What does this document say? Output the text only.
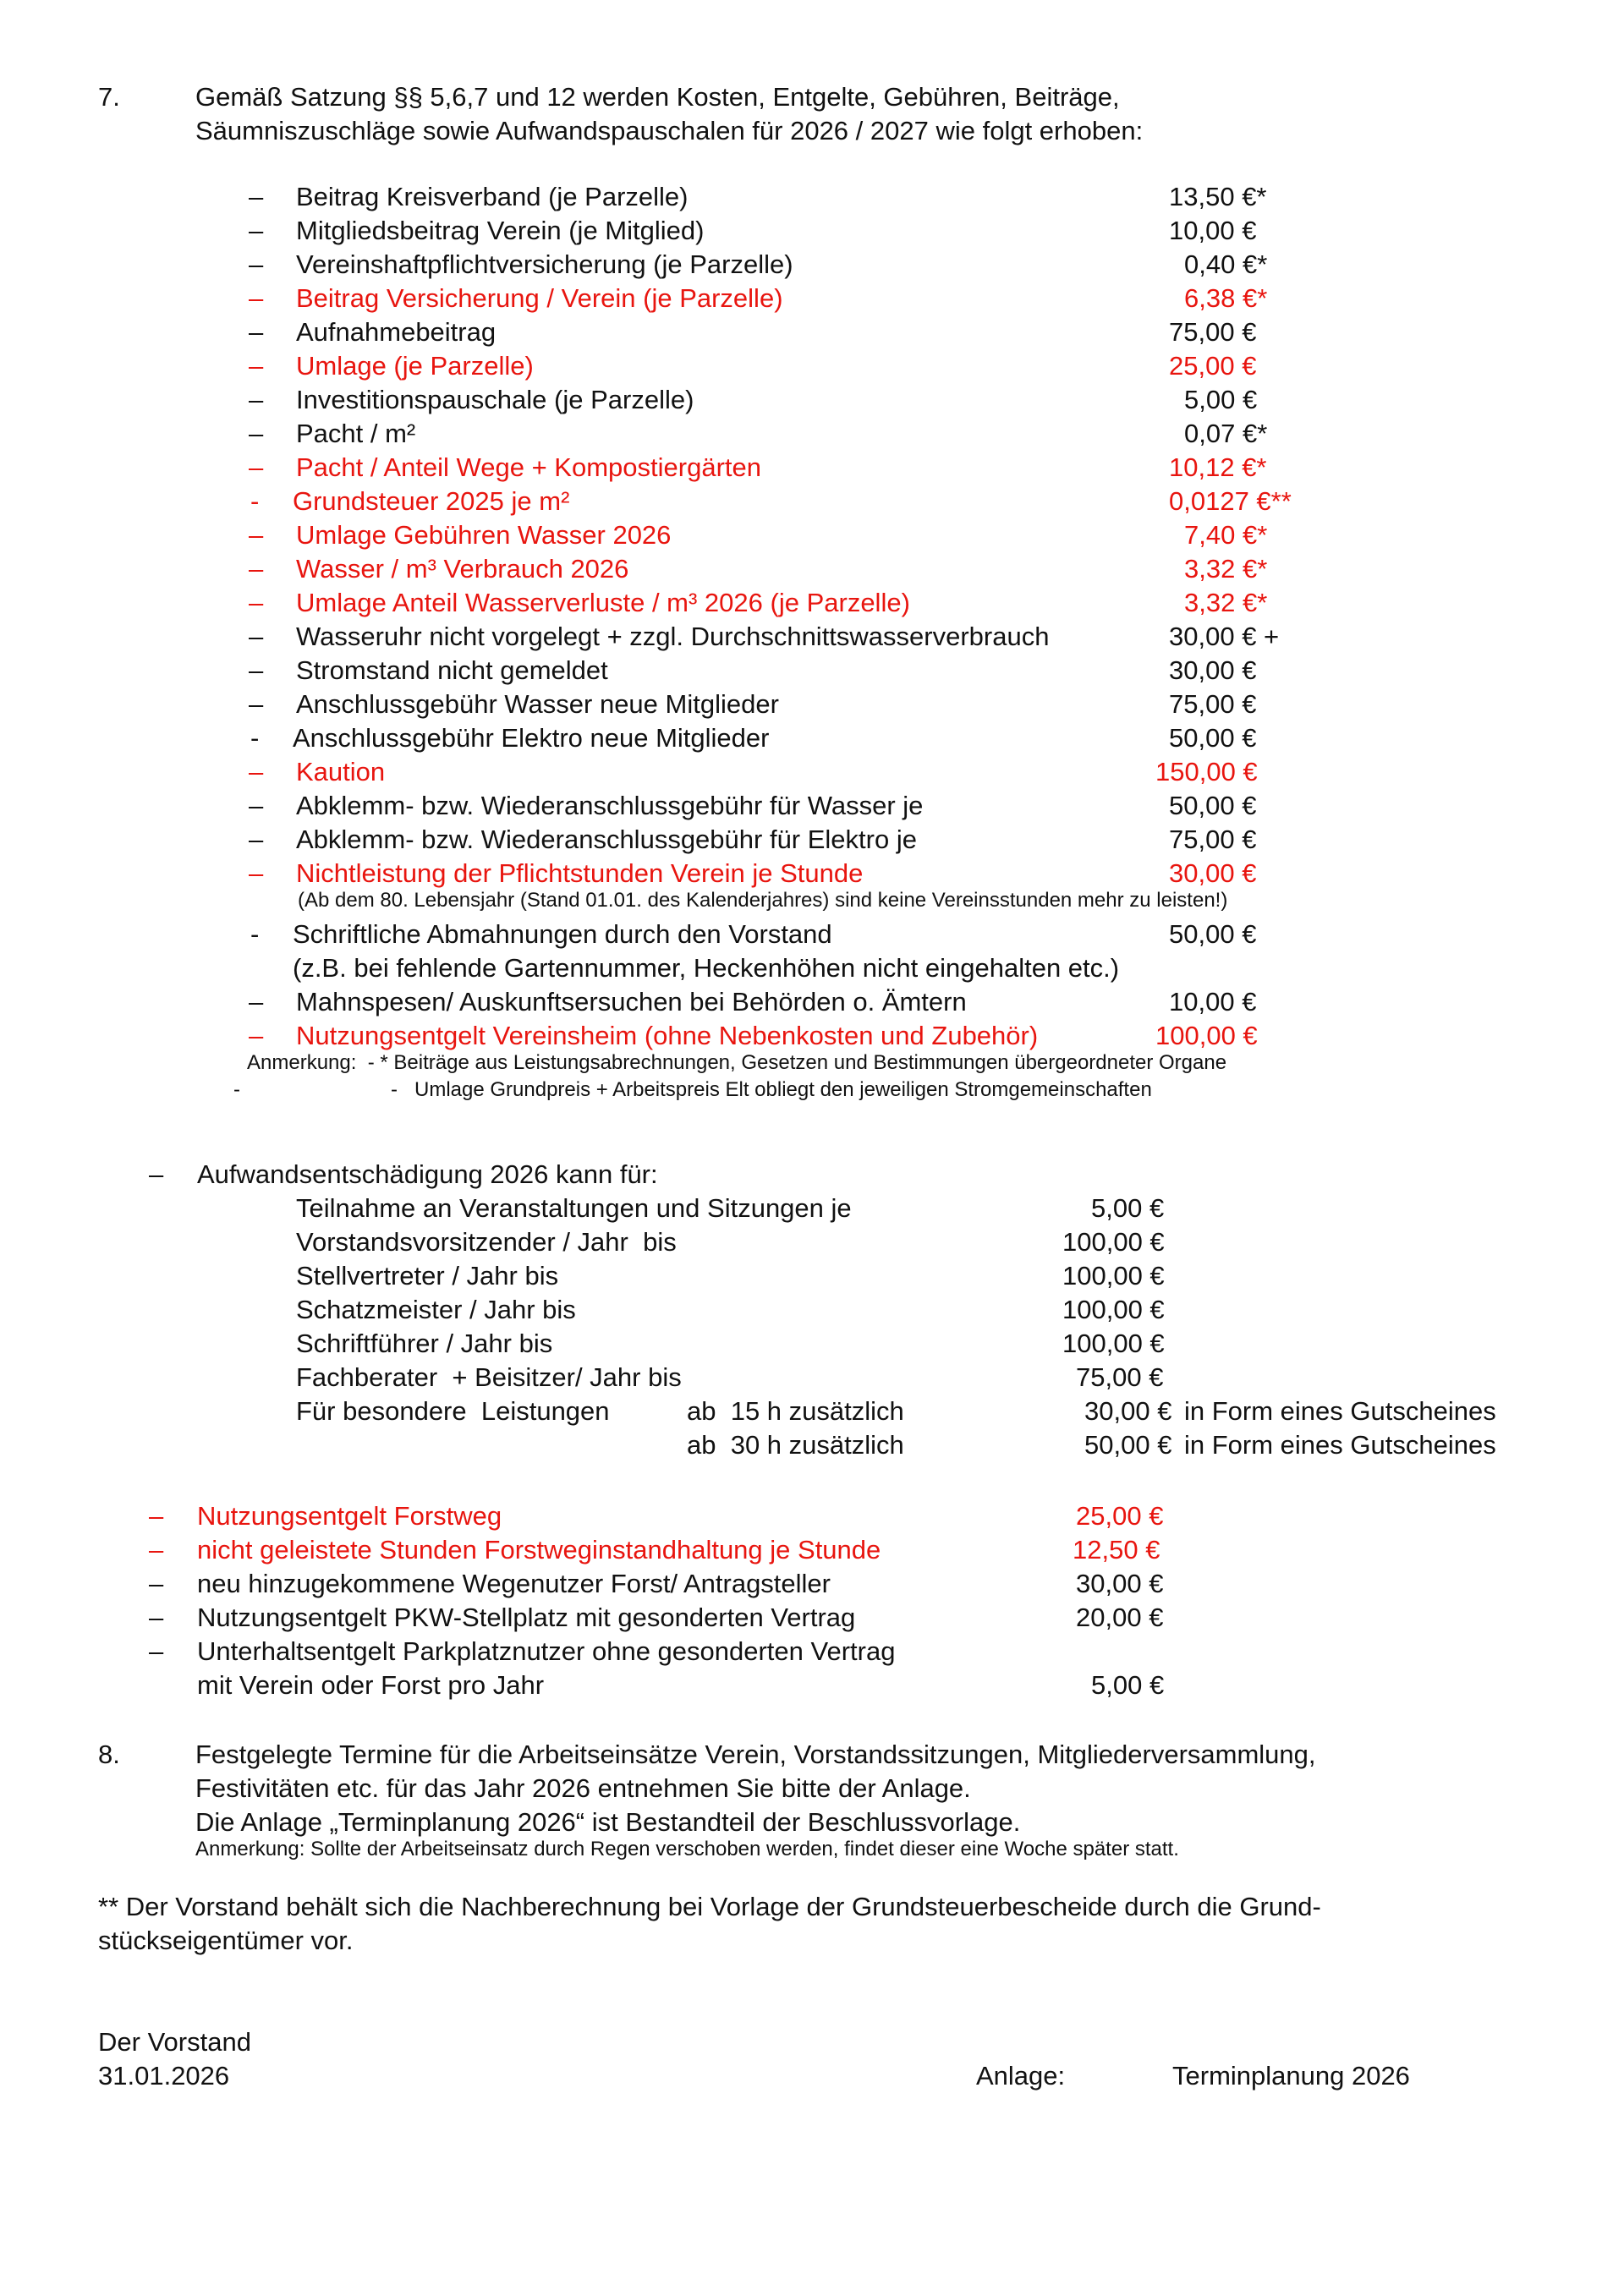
7.	Gemäß Satzung §§ 5,6,7 und 12 werden Kosten, Entgelte, Gebühren, Beiträge,
Säumniszuschläge sowie Aufwandspauschalen für 2026 / 2027 wie folgt erhoben:
– Beitrag Kreisverband (je Parzelle)	13,50 €*
– Mitgliedsbeitrag Verein (je Mitglied)	10,00 €
– Vereinshaftpflichtversicherung (je Parzelle)	0,40 €*
– Beitrag Versicherung / Verein (je Parzelle)	6,38 €*
– Aufnahmebeitrag	75,00 €
– Umlage (je Parzelle)	25,00 €
– Investitionspauschale (je Parzelle)	5,00 €
– Pacht / m²	0,07 €*
– Pacht / Anteil Wege + Kompostiergärten	10,12 €*
- Grundsteuer 2025 je m²	0,0127 €**
– Umlage Gebühren Wasser 2026	7,40 €*
– Wasser / m³ Verbrauch 2026	3,32 €*
– Umlage Anteil Wasserverluste / m³ 2026 (je Parzelle)	3,32 €*
– Wasseruhr nicht vorgelegt + zzgl. Durchschnittswasserverbrauch	30,00 € +
– Stromstand nicht gemeldet	30,00 €
– Anschlussgebühr Wasser neue Mitglieder	75,00 €
- Anschlussgebühr Elektro neue Mitglieder	50,00 €
– Kaution	150,00 €
– Abklemm- bzw. Wiederanschlussgebühr für Wasser je	50,00 €
– Abklemm- bzw. Wiederanschlussgebühr für Elektro je	75,00 €
– Nichtleistung der Pflichtstunden Verein je Stunde	30,00 €
(Ab dem 80. Lebensjahr (Stand 01.01. des Kalenderjahres) sind keine Vereinsstunden mehr zu leisten!)
- Schriftliche Abmahnungen durch den Vorstand	50,00 €
(z.B. bei fehlende Gartennummer, Heckenhöhen nicht eingehalten etc.)
– Mahnspesen/ Auskunftsersuchen bei Behörden o. Ämtern	10,00 €
– Nutzungsentgelt Vereinsheim (ohne Nebenkosten und Zubehör)	100,00 €
Anmerkung:  - * Beiträge aus Leistungsabrechnungen, Gesetzen und Bestimmungen übergeordneter Organe
-	-   Umlage Grundpreis + Arbeitspreis Elt obliegt den jeweiligen Stromgemeinschaften
– Aufwandsentschädigung 2026 kann für:
Teilnahme an Veranstaltungen und Sitzungen je	5,00 €
Vorstandsvorsitzender / Jahr  bis	100,00 €
Stellvertreter / Jahr bis	100,00 €
Schatzmeister / Jahr bis	100,00 €
Schriftführer / Jahr bis	100,00 €
Fachberater  + Beisitzer/ Jahr bis	75,00 €
Für besondere  Leistungen	ab  15 h zusätzlich	30,00 € in Form eines Gutscheines
ab  30 h zusätzlich	50,00 € in Form eines Gutscheines
– Nutzungsentgelt Forstweg	25,00 €
– nicht geleistete Stunden Forstweginstandhaltung je Stunde	12,50 €
– neu hinzugekommene Wegenutzer Forst/ Antragsteller	30,00 €
– Nutzungsentgelt PKW-Stellplatz mit gesonderten Vertrag	20,00 €
– Unterhaltsentgelt Parkplatznutzer ohne gesonderten Vertrag
mit Verein oder Forst pro Jahr	5,00 €
8.	Festgelegte Termine für die Arbeitseinsätze Verein, Vorstandssitzungen, Mitgliederversammlung,
Festivitäten etc. für das Jahr 2026 entnehmen Sie bitte der Anlage.
Die Anlage „Terminplanung 2026“ ist Bestandteil der Beschlussvorlage.
Anmerkung: Sollte der Arbeitseinsatz durch Regen verschoben werden, findet dieser eine Woche später statt.
** Der Vorstand behält sich die Nachberechnung bei Vorlage der Grundsteuerbescheide durch die Grund-
stückseigentümer vor.
Der Vorstand
31.01.2026	Anlage:	Terminplanung 2026
